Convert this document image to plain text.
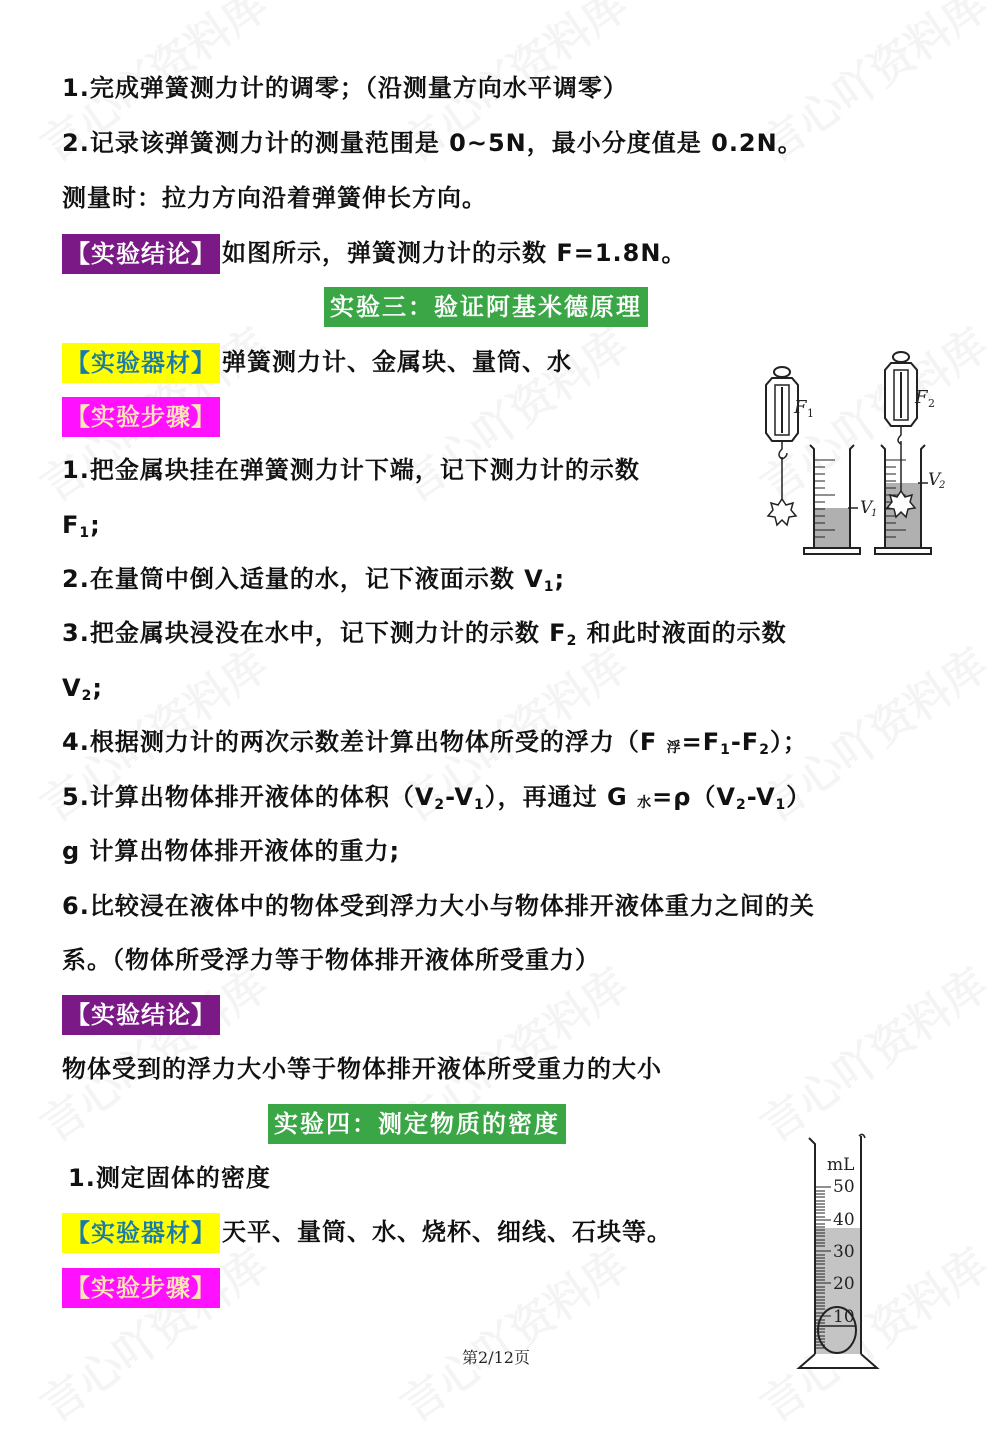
1.完成弹簧测力计的调零；（沿测量方向水平调零）
2.记录该弹簧测力计的测量范围是 0~5N，最小分度值是 0.2N。
测量时：拉力方向沿着弹簧伸长方向。
【实验结论】 如图所示，弹簧测力计的示数 F=1.8N。
实验三：验证阿基米德原理
【实验器材】 弹簧测力计、金属块、量筒、水
【实验步骤】
1.把金属块挂在弹簧测力计下端，记下测力计的示数
$F_1$;
2.在量筒中倒入适量的水，记下液面示数 $V_1$;
3.把金属块浸没在水中，记下测力计的示数 $F_2$ 和此时液面的示数
$V_2$;
4.根据测力计的两次示数差计算出物体所受的浮力（F 浮$=F_1-F_2$）；
5.计算出物体排开液体的体积$(V_2-V_1)$，再通过 G 水$=\rho(V_2-V_1)$
g 计算出物体排开液体的重力;
6.比较浸在液体中的物体受到浮力大小与物体排开液体重力之间的关
系。（物体所受浮力等于物体排开液体所受重力）
【实验结论】
物体受到的浮力大小等于物体排开液体所受重力的大小
F 1
V
1
F 2
V
2
实验四：测定物质的密度
1.测定固体的密度
【实验器材】 天平、量筒、水、烧杯、细线、石块等。
【实验步骤】
mL
50
40
30
20
10
第2/12页
